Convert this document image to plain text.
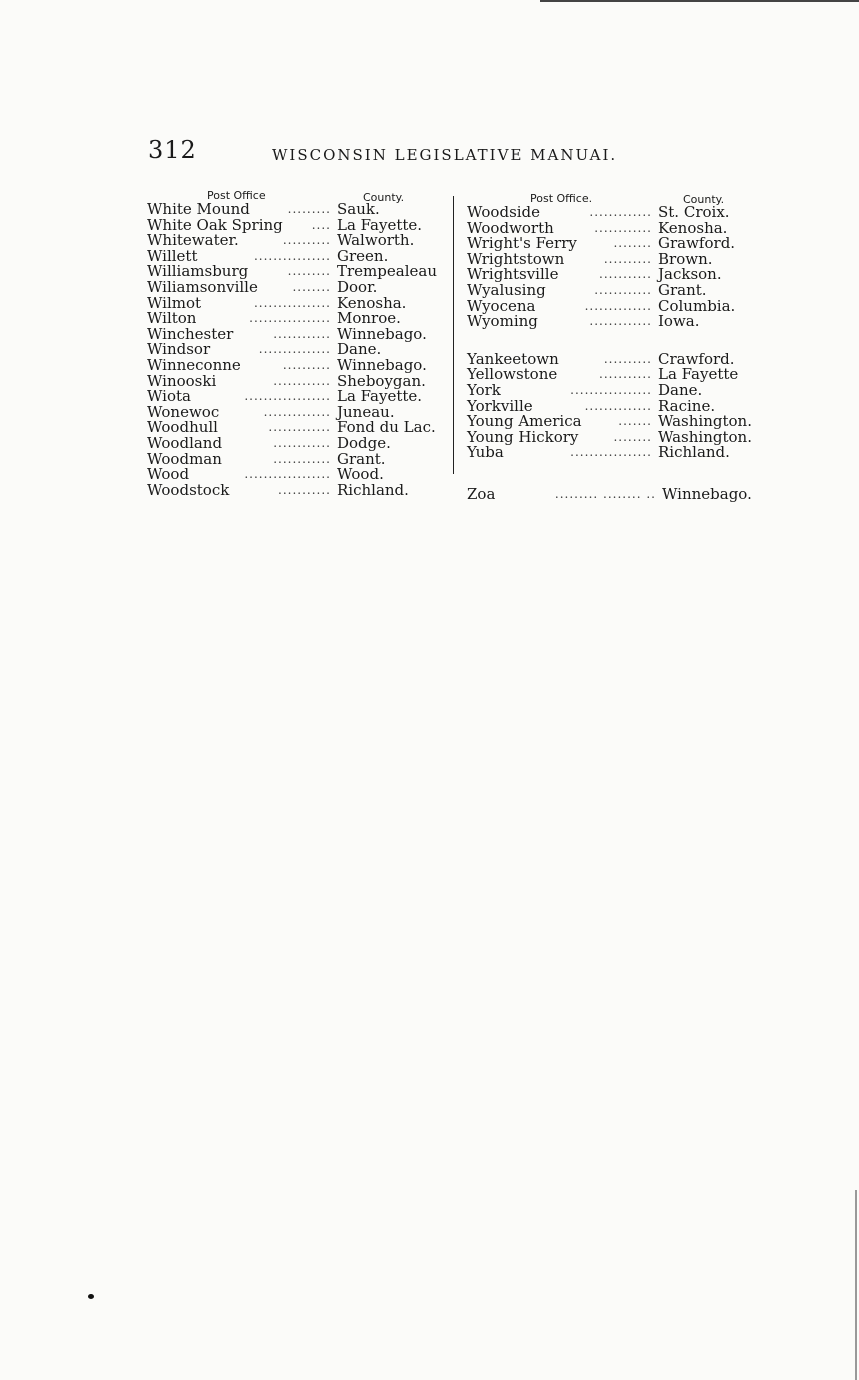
312	WISCONSIN LEGISLATIVE MANUAI.
Post Office	County.	Post Office.	County.
White Mound	......... Sauk.
White Oak Spring	.... La Fayette.
Whitewater.	.......... Walworth.
Willett	................ Green.
Williamsburg	......... Trempealeau
Wiliamsonville	........ Door.
Wilmot	................ Kenosha.
Wilton	................. Monroe.
Winchester	............ Winnebago.
Windsor	............... Dane.
Winneconne	.......... Winnebago.
Winooski	............ Sheboygan.
Wiota	.................. La Fayette.
Wonewoc	.............. Juneau.
Woodhull	............. Fond du Lac.
Woodland	............ Dodge.
Woodman	............ Grant.
Wood	.................. Wood.
Woodstock	........... Richland.
Woodside	............. St. Croix.
Woodworth	............ Kenosha.
Wright's Ferry	........ Grawford.
Wrightstown	.......... Brown.
Wrightsville	........... Jackson.
Wyalusing	............ Grant.
Wyocena	.............. Columbia.
Wyoming	............. Iowa.
Yankeetown	.......... Crawford.
Yellowstone	........... La Fayette
York	................. Dane.
Yorkville	.............. Racine.
Young America	....... Washington.
Young Hickory	........ Washington.
Yuba	................. Richland.
Zoa	......... ........ .. Winnebago.
